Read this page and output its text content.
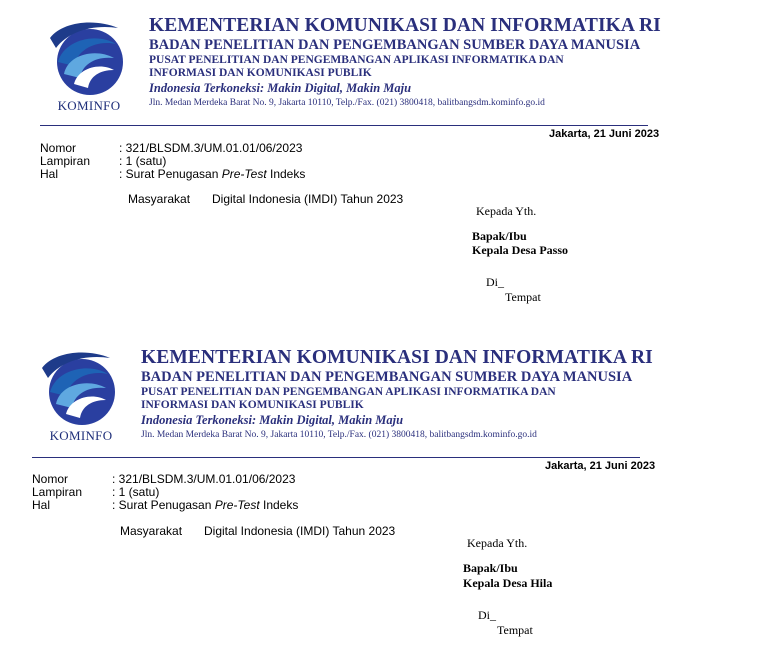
KOMINFO
KEMENTERIAN KOMUNIKASI DAN INFORMATIKA RI
BADAN PENELITIAN DAN PENGEMBANGAN SUMBER DAYA MANUSIA
PUSAT PENELITIAN DAN PENGEMBANGAN APLIKASI INFORMATIKA DAN
INFORMASI DAN KOMUNIKASI PUBLIK
Indonesia Terkoneksi: Makin Digital, Makin Maju
Jln. Medan Merdeka Barat No. 9, Jakarta 10110, Telp./Fax. (021) 3800418, balitbangsdm.kominfo.go.id
Jakarta, 21 Juni 2023
Nomor	: 321/BLSDM.3/UM.01.01/06/2023
Lampiran : 1 (satu)
Hal	: Surat Penugasan Pre-Test Indeks
Masyarakat Digital Indonesia (IMDI) Tahun 2023
Kepada Yth.
Bapak/Ibu
Kepala Desa Passo
Di_
Tempat
KOMINFO
KEMENTERIAN KOMUNIKASI DAN INFORMATIKA RI
BADAN PENELITIAN DAN PENGEMBANGAN SUMBER DAYA MANUSIA
PUSAT PENELITIAN DAN PENGEMBANGAN APLIKASI INFORMATIKA DAN
INFORMASI DAN KOMUNIKASI PUBLIK
Indonesia Terkoneksi: Makin Digital, Makin Maju
Jln. Medan Merdeka Barat No. 9, Jakarta 10110, Telp./Fax. (021) 3800418, balitbangsdm.kominfo.go.id
Jakarta, 21 Juni 2023
Nomor	: 321/BLSDM.3/UM.01.01/06/2023
Lampiran : 1 (satu)
Hal	: Surat Penugasan Pre-Test Indeks
Masyarakat Digital Indonesia (IMDI) Tahun 2023
Kepada Yth.
Bapak/Ibu
Kepala Desa Hila
Di_
Tempat
